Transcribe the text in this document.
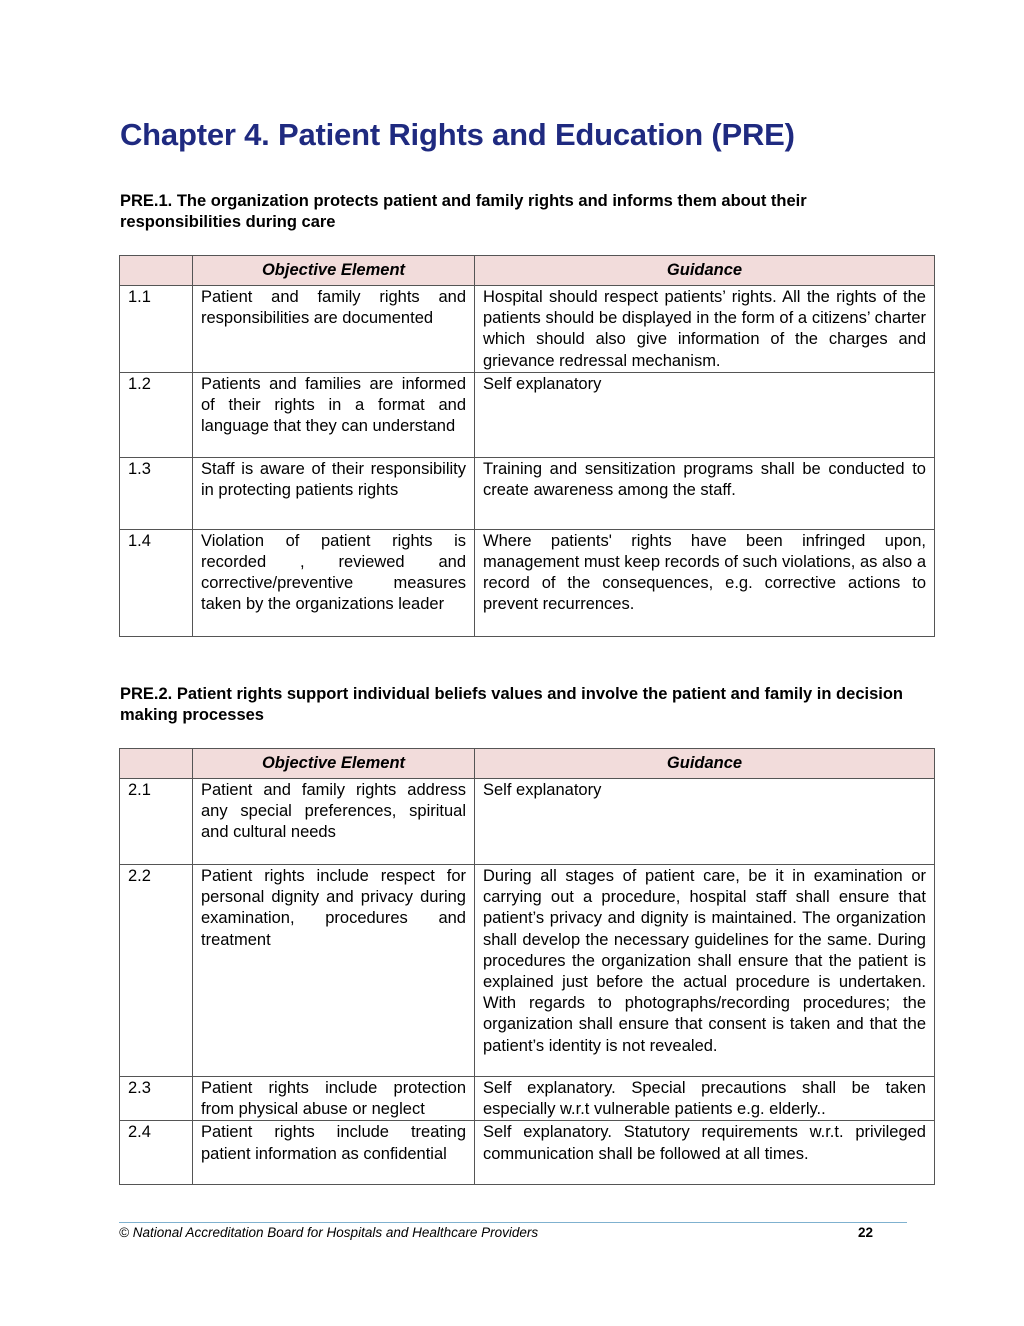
Chapter 4. Patient Rights and Education (PRE)

PRE.1. The organization protects patient and family rights and informs them about their responsibilities during care

	Objective Element	Guidance
1.1	Patient and family rights and responsibilities are documented	Hospital should respect patients’ rights. All the rights of the patients should be displayed in the form of a citizens’ charter which should also give information of the charges and grievance redressal mechanism.
1.2	Patients and families are informed of their rights in a format and language that they can understand	Self explanatory
1.3	Staff is aware of their responsibility in protecting patients rights	Training and sensitization programs shall be conducted to create awareness among the staff.
1.4	Violation of patient rights is recorded , reviewed and corrective/preventive measures taken by the organizations leader	Where patients' rights have been infringed upon, management must keep records of such violations, as also a record of the consequences, e.g. corrective actions to prevent recurrences.

PRE.2. Patient rights support individual beliefs values and involve the patient and family in decision making processes

	Objective Element	Guidance
2.1	Patient and family rights address any special preferences, spiritual and cultural needs	Self explanatory
2.2	Patient rights include respect for personal dignity and privacy during examination, procedures and treatment	During all stages of patient care, be it in examination or carrying out a procedure, hospital staff shall ensure that patient’s privacy and dignity is maintained. The organization shall develop the necessary guidelines for the same. During procedures the organization shall ensure that the patient is explained just before the actual procedure is undertaken. With regards to photographs/recording procedures; the organization shall ensure that consent is taken and that the patient’s identity is not revealed.
2.3	Patient rights include protection from physical abuse or neglect	Self explanatory. Special precautions shall be taken especially w.r.t vulnerable patients e.g. elderly..
2.4	Patient rights include treating patient information as confidential	Self explanatory. Statutory requirements w.r.t. privileged communication shall be followed at all times.
© National Accreditation Board for Hospitals and Healthcare Providers	22
